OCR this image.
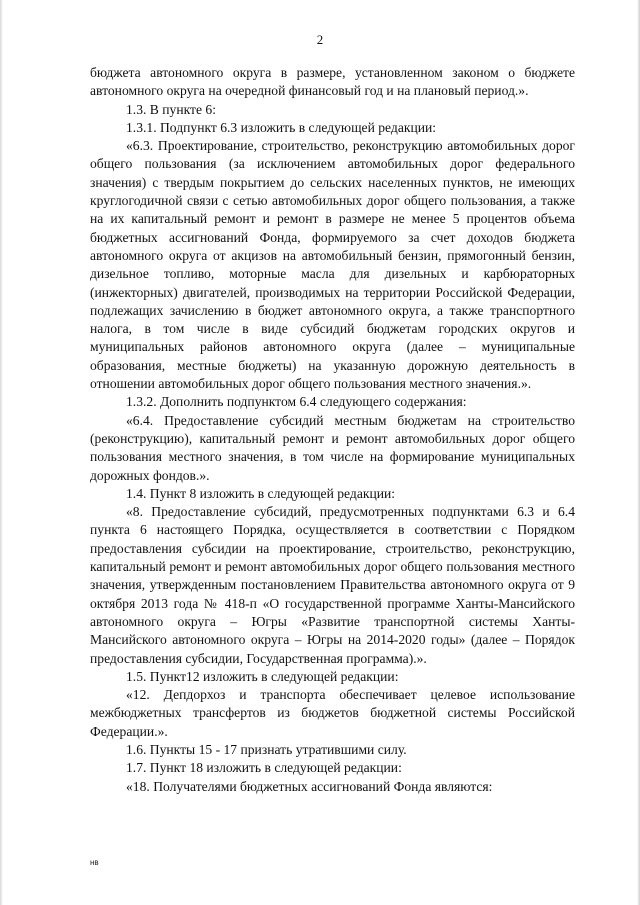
2

бюджета автономного округа в размере, установленном законом о бюджете автономного округа на очередной финансовый год и на плановый период.».

1.3. В пункте 6:

1.3.1. Подпункт 6.3 изложить в следующей редакции:

«6.3. Проектирование, строительство, реконструкцию автомобильных дорог общего пользования (за исключением автомобильных дорог федерального значения) с твердым покрытием до сельских населенных пунктов, не имеющих круглогодичной связи с сетью автомобильных дорог общего пользования, а также на их капитальный ремонт и ремонт в размере не менее 5 процентов объема бюджетных ассигнований Фонда, формируемого за счет доходов бюджета автономного округа от акцизов на автомобильный бензин, прямогонный бензин, дизельное топливо, моторные масла для дизельных и карбюраторных (инжекторных) двигателей, производимых на территории Российской Федерации, подлежащих зачислению в бюджет автономного округа, а также транспортного налога, в том числе в виде субсидий бюджетам городских округов и муниципальных районов автономного округа (далее – муниципальные образования, местные бюджеты) на указанную дорожную деятельность в отношении автомобильных дорог общего пользования местного значения.».

1.3.2. Дополнить подпунктом 6.4 следующего содержания:

«6.4. Предоставление субсидий местным бюджетам на строительство (реконструкцию), капитальный ремонт и ремонт автомобильных дорог общего пользования местного значения, в том числе на формирование муниципальных дорожных фондов.».

1.4. Пункт 8 изложить в следующей редакции:

«8. Предоставление субсидий, предусмотренных подпунктами 6.3 и 6.4 пункта 6 настоящего Порядка, осуществляется в соответствии с Порядком предоставления субсидии на проектирование, строительство, реконструкцию, капитальный ремонт и ремонт автомобильных дорог общего пользования местного значения, утвержденным постановлением Правительства автономного округа от 9 октября 2013 года № 418-п «О государственной программе Ханты-Мансийского автономного округа – Югры «Развитие транспортной системы Ханты-Мансийского автономного округа – Югры на 2014-2020 годы» (далее – Порядок предоставления субсидии, Государственная программа).».

1.5. Пункт12 изложить в следующей редакции:

«12. Депдорхоз и транспорта обеспечивает целевое использование межбюджетных трансфертов из бюджетов бюджетной системы Российской Федерации.».

1.6. Пункты 15 - 17 признать утратившими силу.

1.7. Пункт 18 изложить в следующей редакции:

«18. Получателями бюджетных ассигнований Фонда являются:

нв
